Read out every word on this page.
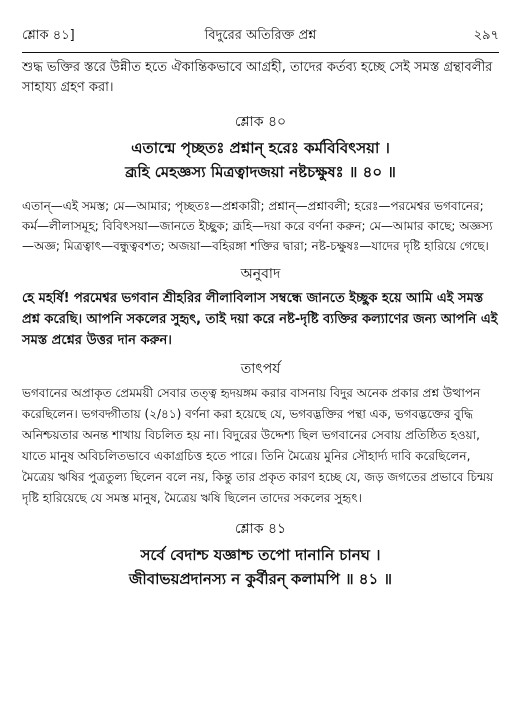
শ্লোক ৪১]	বিদুরের অতিরিক্ত প্রশ্ন	২৯৭

শুদ্ধ ভক্তির স্তরে উন্নীত হতে ঐকান্তিকভাবে আগ্রহী, তাদের কর্তব্য হচ্ছে সেই সমস্ত গ্রন্থাবলীর সাহায্য গ্রহণ করা।

শ্লোক ৪০
এতান্মে পৃচ্ছতঃ প্রশ্নান্ হরেঃ কর্মবিবিৎসয়া ।
ব্রূহি মেহজ্ঞস্য মিত্রত্বাদজয়া নষ্টচক্ষুষঃ ॥ ৪০ ॥

এতান্—এই সমস্ত; মে—আমার; পৃচ্ছতঃ—প্রশ্নকারী; প্রশ্নান্—প্রশ্নাবলী; হরেঃ—পরমেশ্বর ভগবানের; কর্ম—লীলাসমূহ; বিবিৎসয়া—জানতে ইচ্ছুক; ব্রূহি—দয়া করে বর্ণনা করুন; মে—আমার কাছে; অজ্ঞস্য—অজ্ঞ; মিত্রত্বাৎ—বন্ধুত্ববশত; অজয়া—বহিরঙ্গা শক্তির দ্বারা; নষ্ট-চক্ষুষঃ—যাদের দৃষ্টি হারিয়ে গেছে।

অনুবাদ

হে মহর্ষি! পরমেশ্বর ভগবান শ্রীহরির লীলাবিলাস সম্বন্ধে জানতে ইচ্ছুক হয়ে আমি এই সমস্ত প্রশ্ন করেছি। আপনি সকলের সুহৃৎ, তাই দয়া করে নষ্ট-দৃষ্টি ব্যক্তির কল্যাণের জন্য আপনি এই সমস্ত প্রশ্নের উত্তর দান করুন।

তাৎপর্য

ভগবানের অপ্রাকৃত প্রেমময়ী সেবার তত্ত্ব হৃদয়ঙ্গম করার বাসনায় বিদুর অনেক প্রকার প্রশ্ন উত্থাপন করেছিলেন। ভগবদ্গীতায় (২/৪১) বর্ণনা করা হয়েছে যে, ভগবদ্ভক্তির পন্থা এক, ভগবদ্ভক্তের বুদ্ধি অনিশ্চয়তার অনন্ত শাখায় বিচলিত হয় না। বিদুরের উদ্দেশ্য ছিল ভগবানের সেবায় প্রতিষ্ঠিত হওয়া, যাতে মানুষ অবিচলিতভাবে একাগ্রচিত্ত হতে পারে। তিনি মৈত্রেয় মুনির সৌহার্দ্য দাবি করেছিলেন, মৈত্রেয় ঋষির পুত্রতুল্য ছিলেন বলে নয়, কিন্তু তার প্রকৃত কারণ হচ্ছে যে, জড় জগতের প্রভাবে চিন্ময় দৃষ্টি হারিয়েছে যে সমস্ত মানুষ, মৈত্রেয় ঋষি ছিলেন তাদের সকলের সুহৃৎ।

শ্লোক ৪১
সর্বে বেদাশ্চ যজ্ঞাশ্চ তপো দানানি চানঘ ।
জীবাভয়প্রদানস্য ন কুর্বীরন্ কলামপি ॥ ৪১ ॥
